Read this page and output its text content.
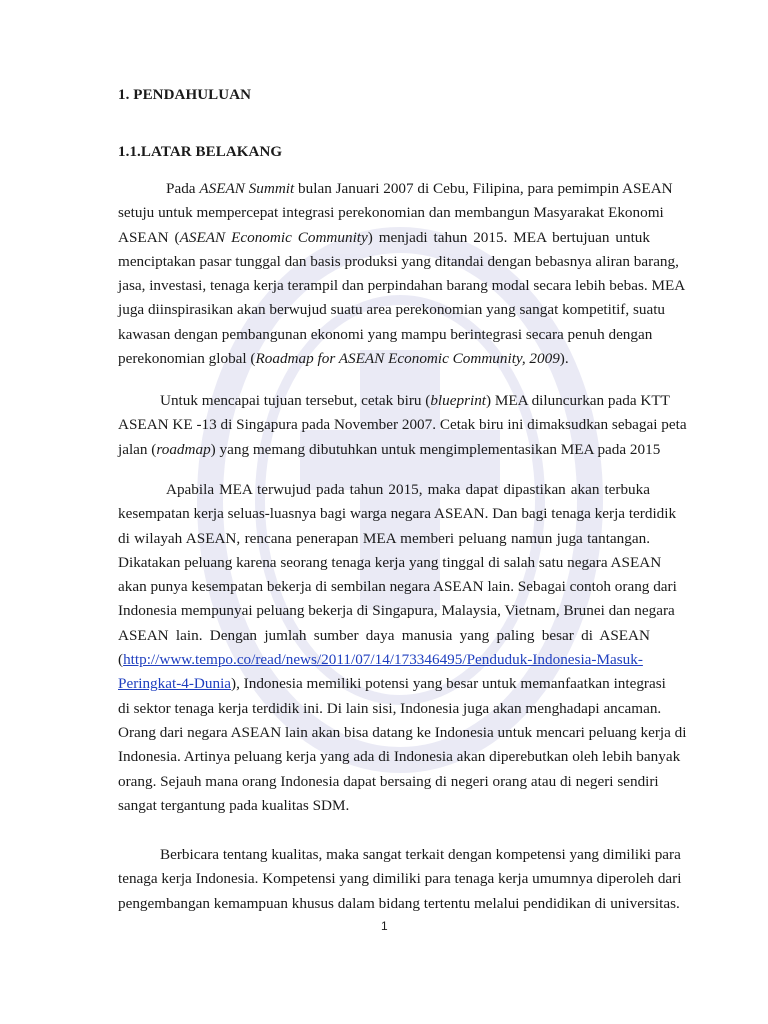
1. PENDAHULUAN
1.1.LATAR BELAKANG
Pada ASEAN Summit bulan Januari 2007 di Cebu, Filipina, para pemimpin ASEAN
setuju untuk mempercepat integrasi perekonomian dan membangun Masyarakat Ekonomi
ASEAN (ASEAN Economic Community) menjadi tahun 2015. MEA bertujuan untuk
menciptakan pasar tunggal dan basis produksi yang ditandai dengan bebasnya aliran barang,
jasa, investasi, tenaga kerja terampil dan perpindahan barang modal secara lebih bebas. MEA
juga diinspirasikan akan berwujud suatu area perekonomian yang sangat kompetitif, suatu
kawasan dengan pembangunan ekonomi yang mampu berintegrasi secara penuh dengan
perekonomian global (Roadmap for ASEAN Economic Community, 2009).
Untuk mencapai tujuan tersebut, cetak biru (blueprint) MEA diluncurkan pada KTT
ASEAN KE -13 di Singapura pada November 2007. Cetak biru ini dimaksudkan sebagai peta
jalan (roadmap) yang memang dibutuhkan untuk mengimplementasikan MEA pada 2015
Apabila MEA terwujud pada tahun 2015, maka dapat dipastikan akan terbuka
kesempatan kerja seluas-luasnya bagi warga negara ASEAN. Dan bagi tenaga kerja terdidik
di wilayah ASEAN, rencana penerapan MEA memberi peluang namun juga tantangan.
Dikatakan peluang karena seorang tenaga kerja yang tinggal di salah satu negara ASEAN
akan punya kesempatan bekerja di sembilan negara ASEAN lain. Sebagai contoh orang dari
Indonesia mempunyai peluang bekerja di Singapura, Malaysia, Vietnam, Brunei dan negara
ASEAN lain. Dengan jumlah sumber daya manusia yang paling besar di ASEAN
(http://www.tempo.co/read/news/2011/07/14/173346495/Penduduk-Indonesia-Masuk-
Peringkat-4-Dunia), Indonesia memiliki potensi yang besar untuk memanfaatkan integrasi
di sektor tenaga kerja terdidik ini. Di lain sisi, Indonesia juga akan menghadapi ancaman.
Orang dari negara ASEAN lain akan bisa datang ke Indonesia untuk mencari peluang kerja di
Indonesia. Artinya peluang kerja yang ada di Indonesia akan diperebutkan oleh lebih banyak
orang. Sejauh mana orang Indonesia dapat bersaing di negeri orang atau di negeri sendiri
sangat tergantung pada kualitas SDM.
Berbicara tentang kualitas, maka sangat terkait dengan kompetensi yang dimiliki para
tenaga kerja Indonesia. Kompetensi yang dimiliki para tenaga kerja umumnya diperoleh dari
pengembangan kemampuan khusus dalam bidang tertentu melalui pendidikan di universitas.
1
